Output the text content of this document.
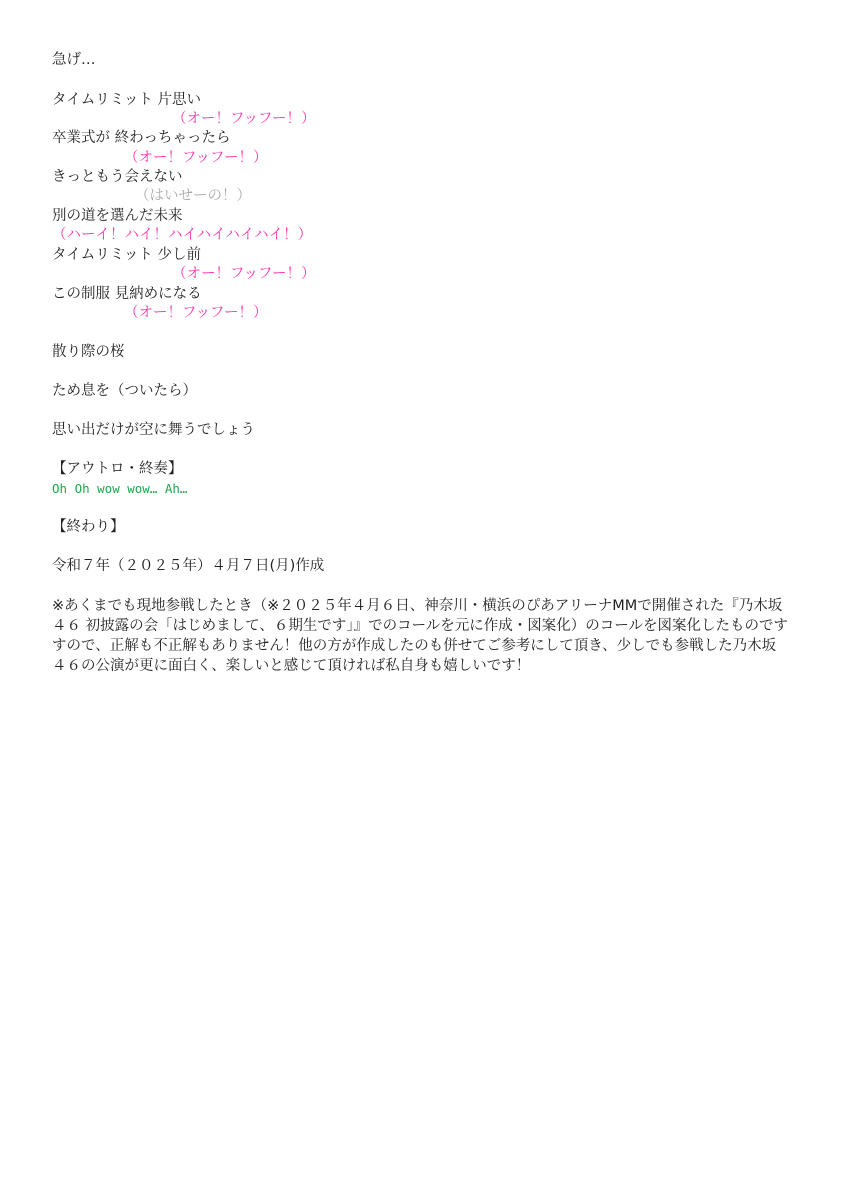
急げ…

タイムリミット 片思い

（オー！フッフー！）

卒業式が 終わっちゃったら

（オー！フッフー！）

きっともう会えない

（はいせーの！）

別の道を選んだ未来

（ハーイ！ハイ！ハイハイハイハイ！）

タイムリミット 少し前

（オー！フッフー！）

この制服 見納めになる

（オー！フッフー！）

散り際の桜

ため息を（ついたら）

思い出だけが空に舞うでしょう

【アウトロ・終奏】

Oh Oh wow wow… Ah…

【終わり】

令和７年（２０２５年）４月７日(月)作成

※あくまでも現地参戦したとき（※２０２５年４月６日、神奈川・横浜のぴあアリーナMMで開催された『乃木坂
４６ 初披露の会「はじめまして、６期生です」』でのコールを元に作成・図案化）のコールを図案化したものです
すので、正解も不正解もありません！他の方が作成したのも併せてご参考にして頂き、少しでも参戦した乃木坂
４６の公演が更に面白く、楽しいと感じて頂ければ私自身も嬉しいです！
